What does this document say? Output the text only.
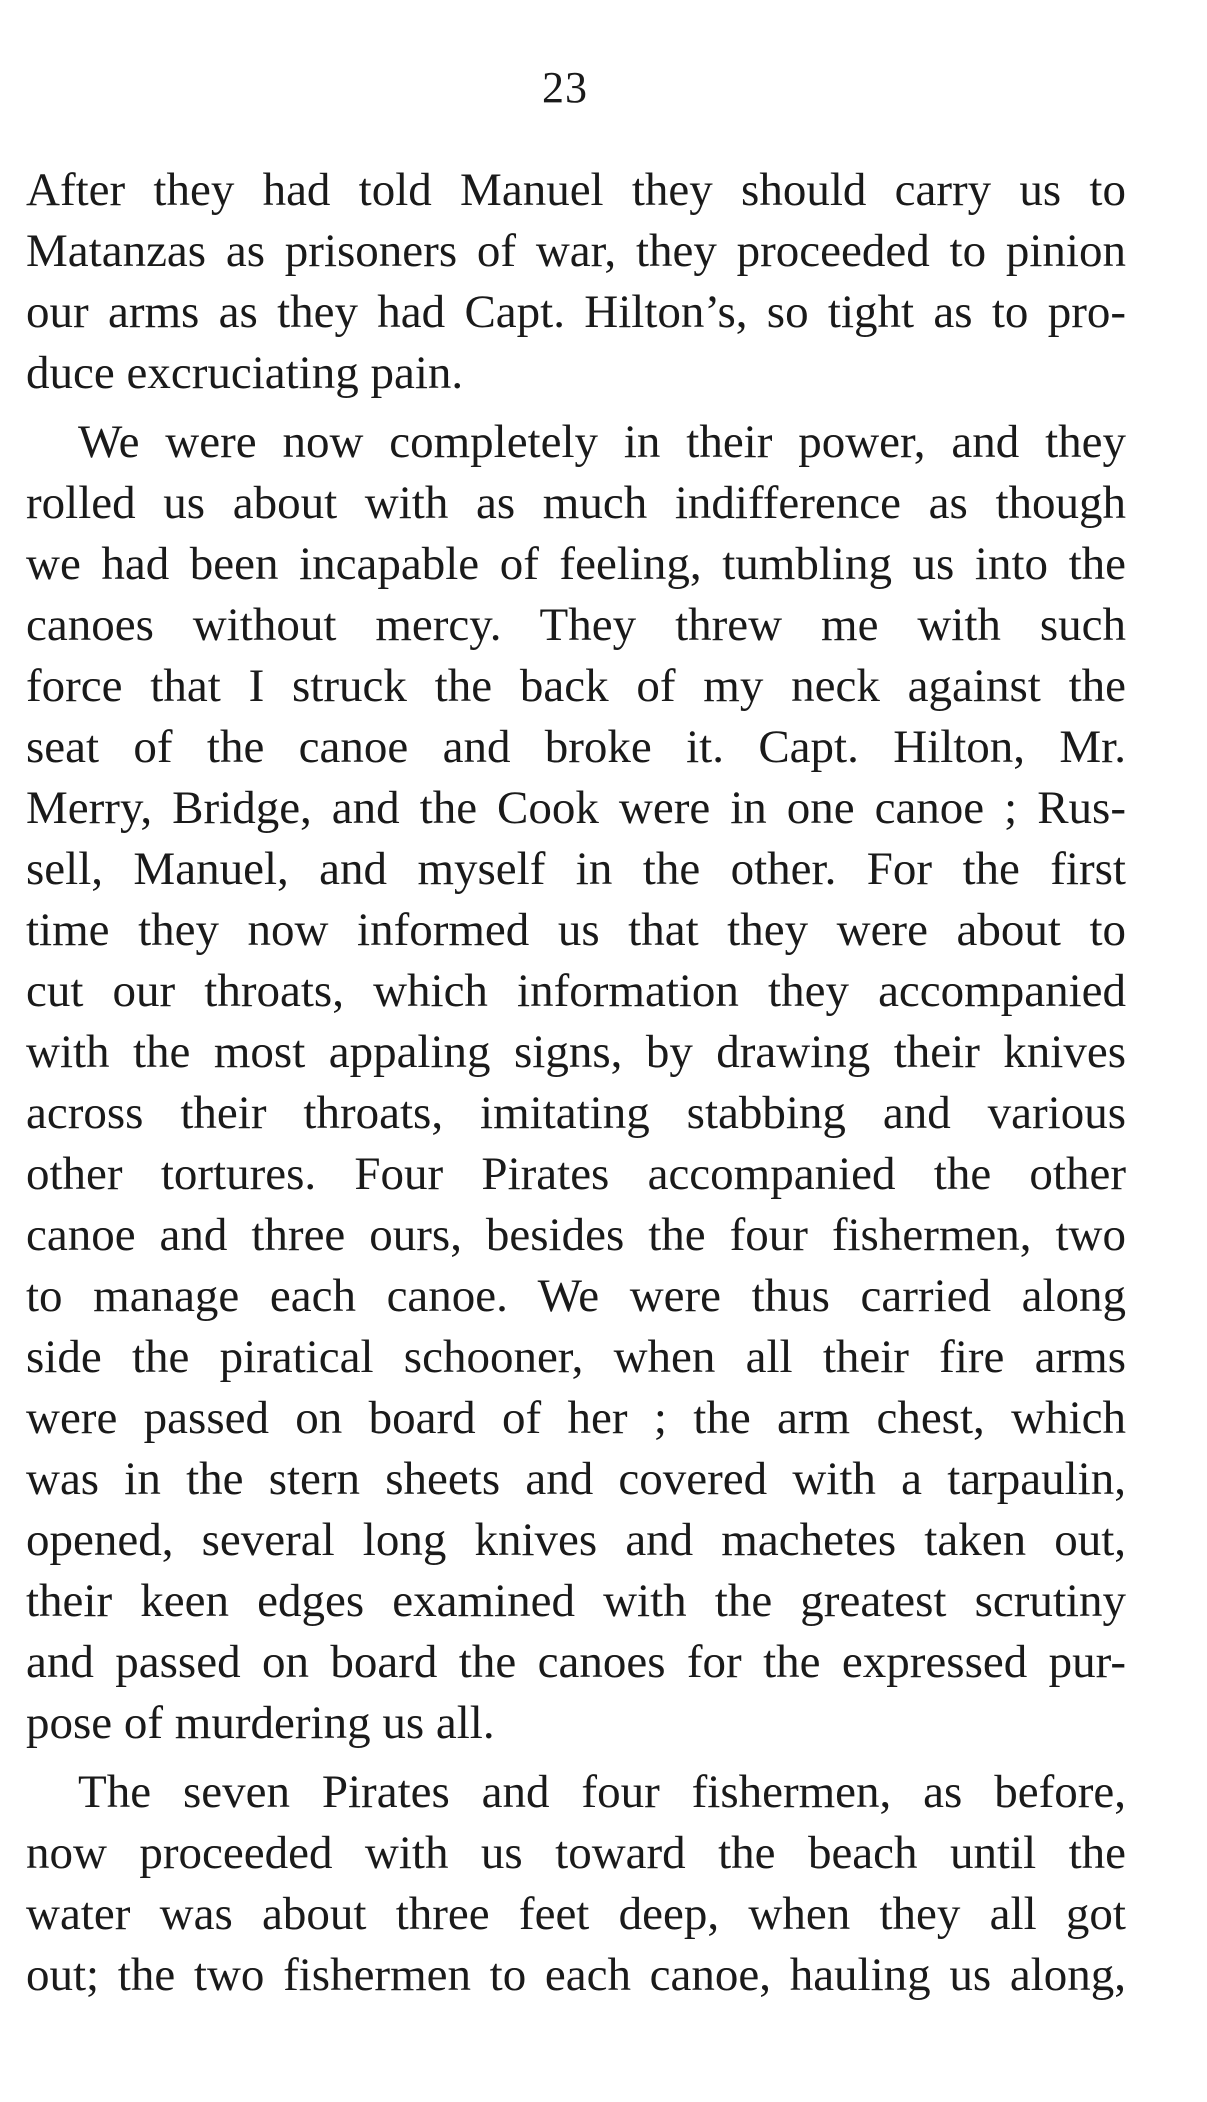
23
After they had told Manuel they should carry us to
Matanzas as prisoners of war, they proceeded to pinion
our arms as they had Capt. Hilton’s, so tight as to pro-
duce excruciating pain.
We were now completely in their power, and they
rolled us about with as much indifference as though
we had been incapable of feeling, tumbling us into the
canoes without mercy. They threw me with such
force that I struck the back of my neck against the
seat of the canoe and broke it. Capt. Hilton, Mr.
Merry, Bridge, and the Cook were in one canoe ; Rus-
sell, Manuel, and myself in the other. For the first
time they now informed us that they were about to
cut our throats, which information they accompanied
with the most appaling signs, by drawing their knives
across their throats, imitating stabbing and various
other tortures. Four Pirates accompanied the other
canoe and three ours, besides the four fishermen, two
to manage each canoe. We were thus carried along
side the piratical schooner, when all their fire arms
were passed on board of her ; the arm chest, which
was in the stern sheets and covered with a tarpaulin,
opened, several long knives and machetes taken out,
their keen edges examined with the greatest scrutiny
and passed on board the canoes for the expressed pur-
pose of murdering us all.
The seven Pirates and four fishermen, as before,
now proceeded with us toward the beach until the
water was about three feet deep, when they all got
out; the two fishermen to each canoe, hauling us along,
